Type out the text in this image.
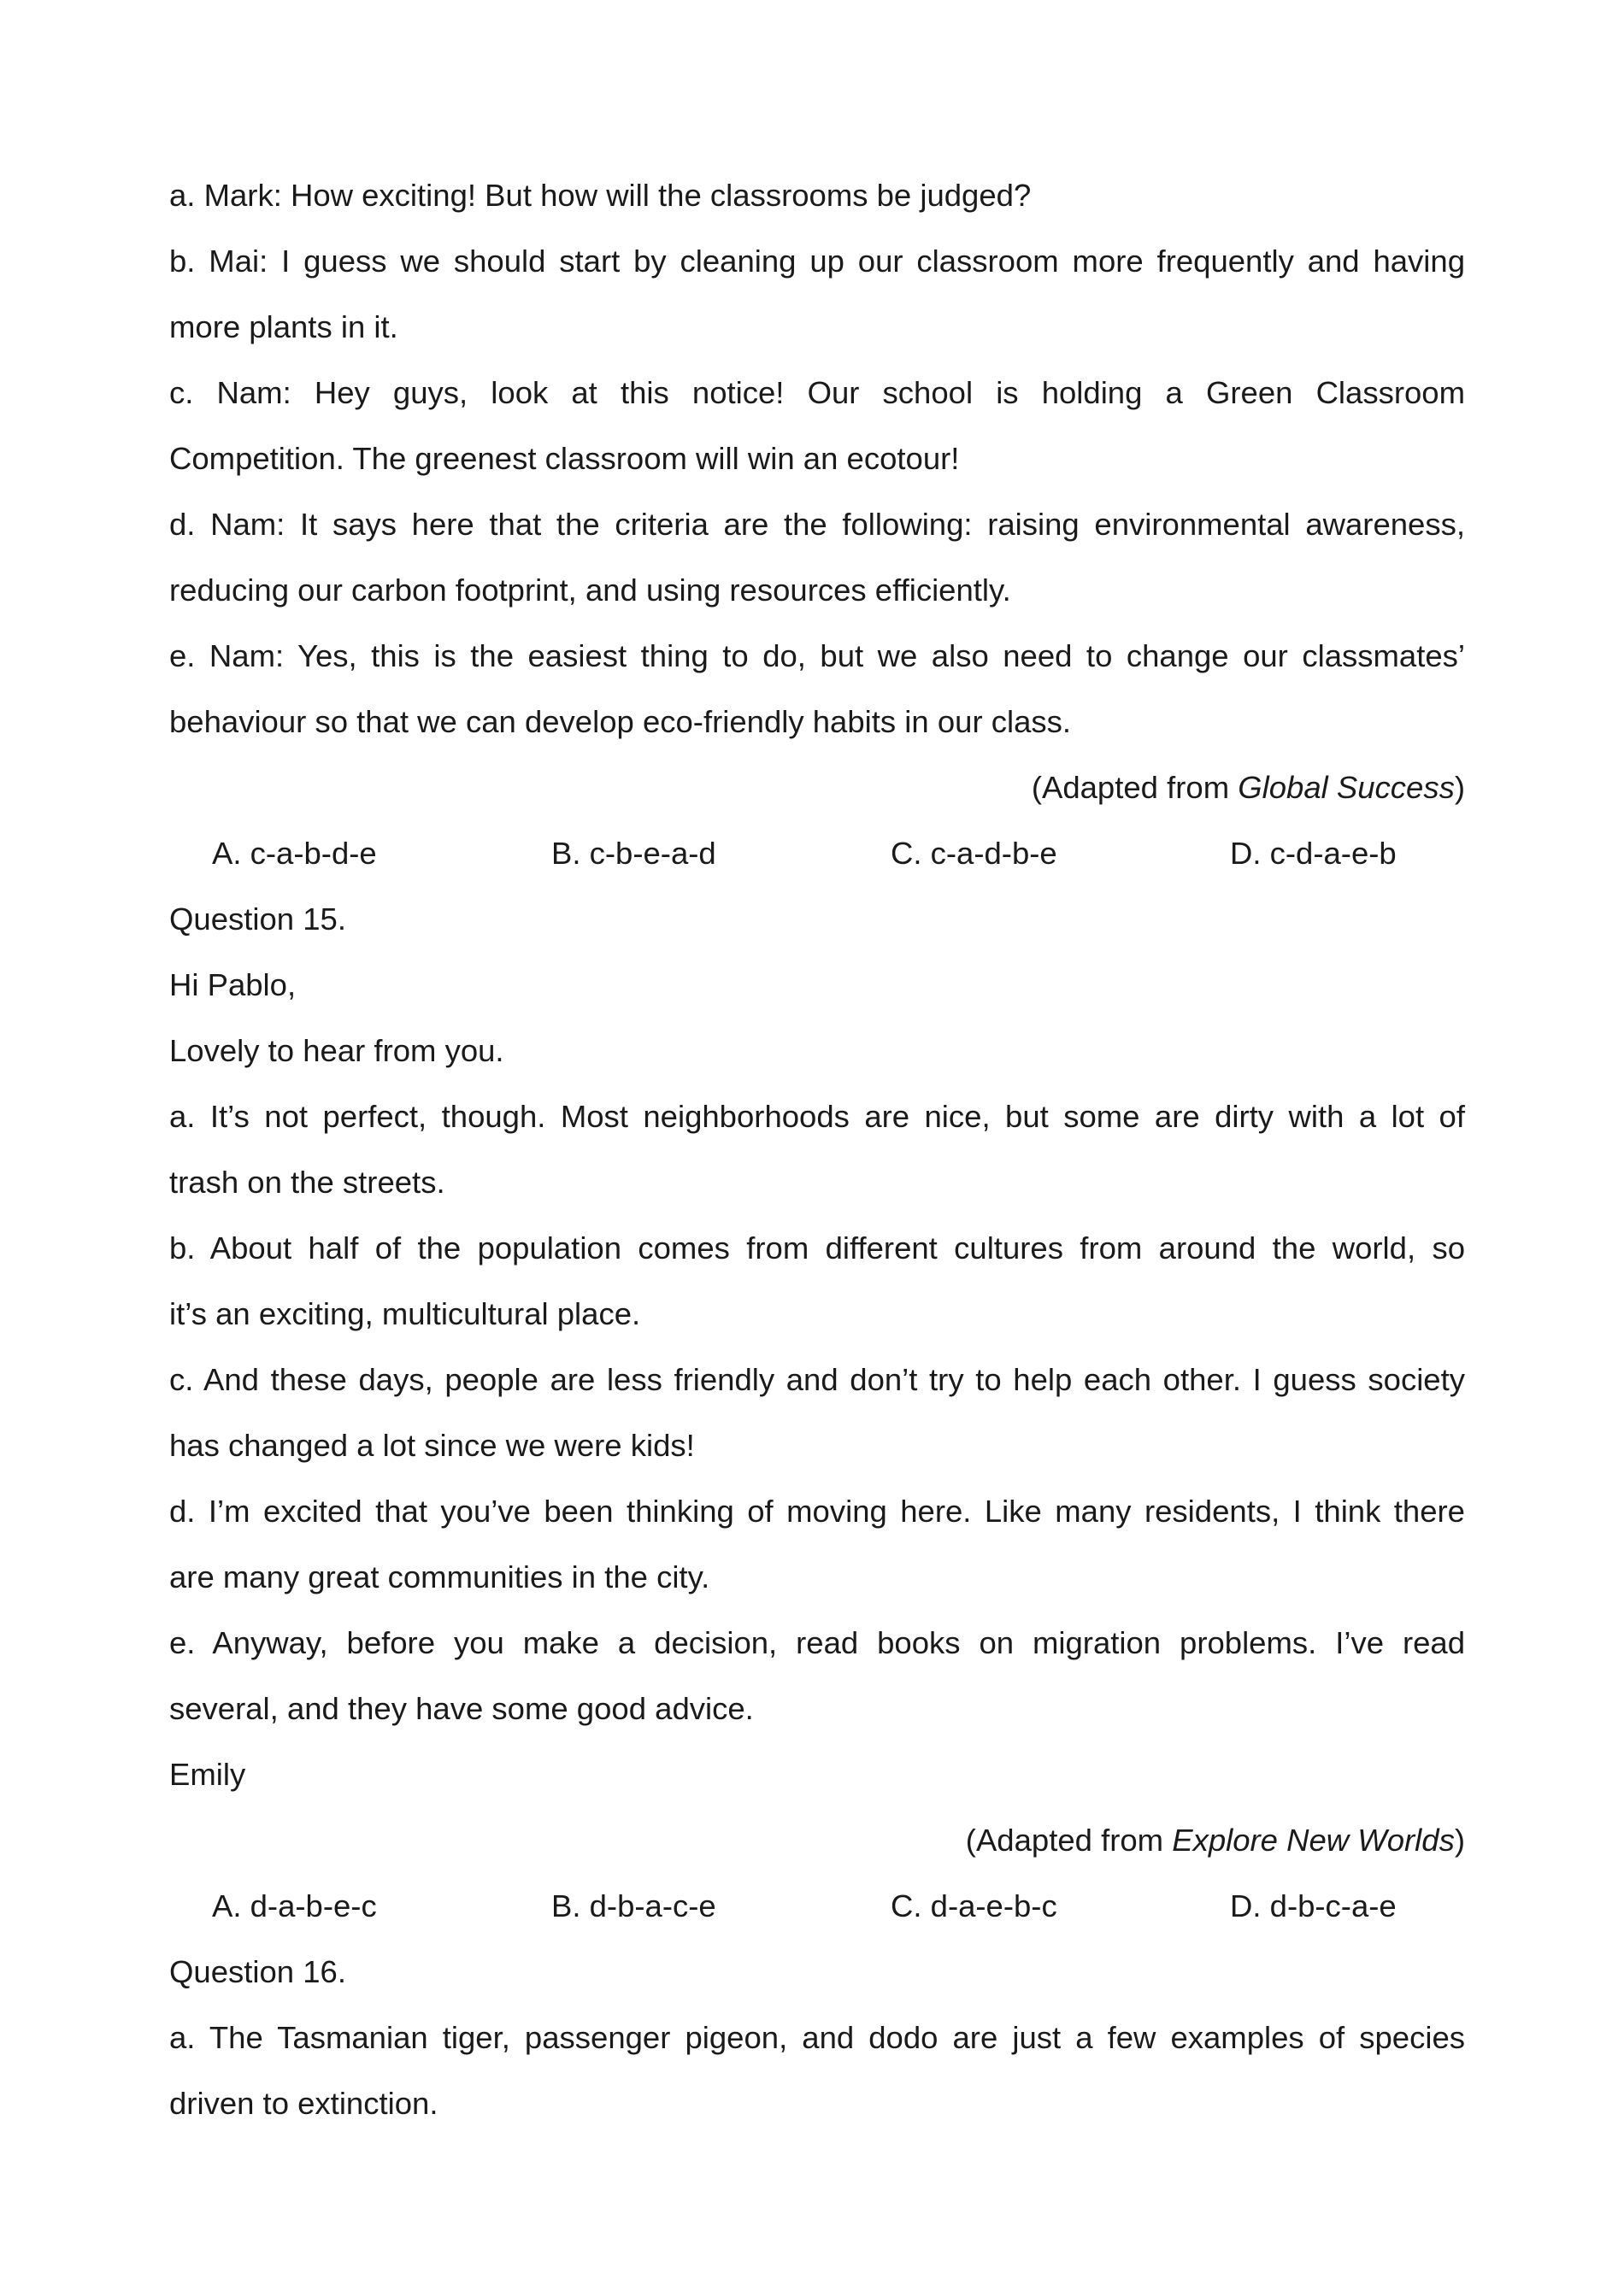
a. Mark: How exciting! But how will the classrooms be judged?
b. Mai: I guess we should start by cleaning up our classroom more frequently and having
more plants in it.
c. Nam: Hey guys, look at this notice! Our school is holding a Green Classroom
Competition. The greenest classroom will win an ecotour!
d. Nam: It says here that the criteria are the following: raising environmental awareness,
reducing our carbon footprint, and using resources efficiently.
e. Nam: Yes, this is the easiest thing to do, but we also need to change our classmates’
behaviour so that we can develop eco-friendly habits in our class.
(Adapted from Global Success)
A. c-a-b-d-e	B. c-b-e-a-d	C. c-a-d-b-e	D. c-d-a-e-b
Question 15.
Hi Pablo,
Lovely to hear from you.
a. It’s not perfect, though. Most neighborhoods are nice, but some are dirty with a lot of
trash on the streets.
b. About half of the population comes from different cultures from around the world, so
it’s an exciting, multicultural place.
c. And these days, people are less friendly and don’t try to help each other. I guess society
has changed a lot since we were kids!
d. I’m excited that you’ve been thinking of moving here. Like many residents, I think there
are many great communities in the city.
e. Anyway, before you make a decision, read books on migration problems. I’ve read
several, and they have some good advice.
Emily
(Adapted from Explore New Worlds)
A. d-a-b-e-c	B. d-b-a-c-e	C. d-a-e-b-c	D. d-b-c-a-e
Question 16.
a. The Tasmanian tiger, passenger pigeon, and dodo are just a few examples of species
driven to extinction.
